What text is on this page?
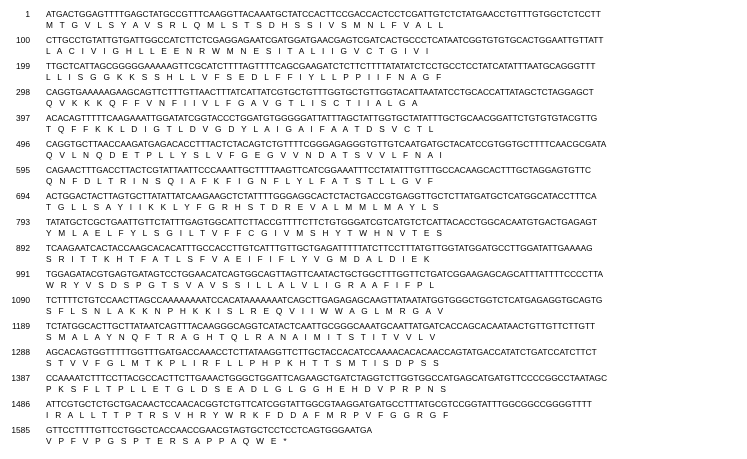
1 ATGACTGGAGTTTTGAGCTATGCCGTTTCAAGGTTACAAATGCTATCCACTTCCGACCACTCCTCGATTGTCTCTATGAACCTGTTTGTGGCTCTCCTT
M   T   G   V   L   S   Y   A   V   S   R   L   Q   M   L   S   T   S   D   H   S   S   I   V   S   M   N   L   F   V   A   L   L
100 CTTGCCTGTATTGTGATTGGCCATCTTCTCGAGGAGAATCGATGGATGAACGAGTCGATCACTGCCCTCATAATCGGTGTGTGCACTGGAATTGTTATT
L   A   C   I   V   I   G   H   L   L   E   E   N   R   W   M   N   E   S   I   T   A   L   I   I   G   V   C   T   G   I   V   I
199 TTGCTCATTAGCGGGGGAAAAAGTTCGCATCTTTTAGTTTTCAGCGAAGATCTCTTCTTTTATATATCTCCTGCCTCCTATCATATTTAATGCAGGGTTT
L   L   I   S   G   G   K   K   S   S   H   L   L   V   F   S   E   D   L   F   F   I   Y   L   L   P   P   I   I   F   N   A   G   F
298 CAGGTGAAAAAGAAGCAGTTCTTTGTTAACTTTATCATTATCGTGCTGTTTGGTGCTGTTGGTACATTAATATCCTGCACCATTATAGCTCTAGGAGCT
Q   V   K   K   K   Q   F   F   V   N   F   I   I   V   L   F   G   A   V   G   T   L   I   S   C   T   I   I   A   L   G   A
397 ACACAGTTTTTCAAGAAATTGGATATCGGTACCCTGGATGTGGGGGATTATTTAGCTATTGGTGCTATATTTGCTGCAACGGATTCTGTGTGTACGTTG
T   Q   F   F   K   K   L   D   I   G   T   L   D   V   G   D   Y   L   A   I   G   A   I   F   A   A   T   D   S   V   C   T   L
496 CAGGTGCTTAACCAAGATGAGACACCTTTACTCTACAGTCTGTTTTCGGGAGAGGGTGTTGTCAATGATGCTACATCCGTGGTGCTTTTCAACGCGATA
Q   V   L   N   Q   D   E   T   P   L   L   Y   S   L   V   F   G   E   G   V   V   N   D   A   T   S   V   V   L   F   N   A   I
595 CAGAACTTTGACCTTACTCGTATTAATTCCCAAATTGCTTTTAAGTTCATCGGAAATTTCCTATATTTGTTTGCCACAAGCACTTTGCTAGGAGTGTTC
Q   N   F   D   L   T   R   I   N   S   Q   I   A   F   K   F   I   G   N   F   L   Y   L   F   A   T   S   T   L   L   G   V   F
694 ACTGGACTACTTAGTGCTTATATTATCAAGAAGCTCTATTTTGGGAGGCACTCTACTGACCGTGAGGTTGCTCTTATGATGCTCATGGCATACCTTTCA
T   G   L   L   S   A   Y   I   I   K   K   L   Y   F   G   R   H   S   T   D   R   E   V   A   L   M   M   L   M   A   Y   L   S
793 TATATGCTCGCTGAATTGTTCTATTTGAGTGGCATTCTTACCGTTTTCTTCTGTGGGATCGTCATGTCTCATTACACCTGGCACAATGTGACTGAGAGT
Y   M   L   A   E   L   F   Y   L   S   G   I   L   T   V   F   F   C   G   I   V   M   S   H   Y   T   W   H   N   V   T   E   S
892 TCAAGAATCACTACCAAGCACACATTTGCCACCTTGTCATTTGTTGCTGAGATTTTTATCTTCCTTTATGTTGGTATGGATGCCTTGGATATTGAAAAG
S   R   I   T   T   K   H   T   F   A   T   L   S   F   V   A   E   I   F   I   F   L   Y   V   G   M   D   A   L   D   I   E   K
991 TGGAGATACGTGAGTGATAGTCCTGGAACATCAGTGGCAGTTAGTTCAATACTGCTGGCTTTGGTTCTGATCGGAAGAGCAGCATTTATTTTCCCCTTA
W   R   Y   V   S   D   S   P   G   T   S   V   A   V   S   S   I   L   L   A   L   V   L   I   G   R   A   A   F   I   F   P   L
1090 TCTTTTCTGTCCAACTTAGCCAAAAAAAATCCACATAAAAAAATCAGCTTGAGAGAGCAAGTTATAATATGGTGGGCTGGTCTCATGAGAGGTGCAGTG
S   F   L   S   N   L   A   K   K   N   P   H   K   K   I   S   L   R   E   Q   V   I   I   W   W   A   G   L   M   R   G   A   V
1189 TCTATGGCACTTGCTTATAATCAGTTTACAAGGGCAGGTCATACTCAATTGCGGGCAAATGCAATTATGATCACCAGCACAATAACTGTTGTTCTTGTT
S   M   A   L   A   Y   N   Q   F   T   R   A   G   H   T   Q   L   R   A   N   A   I   M   I   T   S   T   I   T   V   V   L   V
1288 AGCACAGTGGTTTTTGGTTTGATGACCAAACCTCTTATAAGGTTCTTGCTACCACATCCAAAACACACAACCAGTATGACCATATCTGATCCATCTTCT
S   T   V   V   F   G   L   M   T   K   P   L   I   R   F   L   L   P   H   P   K   H   T   T   S   M   T   I   S   D   P   S   S
1387 CCAAAATCTTTCCTTACGCCACTTCTTGAAACTGGGCTGGATTCAGAAGCTGATCTAGGTCTTGGTGGCCATGAGCATGATGTTCCCCGGCCTAATAGC
P   K   S   F   L   T   P   L   L   E   T   G   L   D   S   E   A   D   L   G   L   G   G   H   E   H   D   V   P   R   P   N   S
1486 ATTCGTGCTCTGCTGACAACTCCAACACGGTCTGTTCATCGGTATTGGCGTAAGGATGATGCCTTTATGCGTCCGGTATTTGGCGGCCGGGGTTTT
I   R   A   L   L   T   T   P   T   R   S   V   H   R   Y   W   R   K   F   D   D   A   F   M   R   P   V   F   G   G   R   G   F
1585 GTTCCTTTTGTTCCTGGCTCACCAACCGAACGTAGTGCTCCTCCTCAGTGGGAATGA
V   P   F   V   P   G   S   P   T   E   R   S   A   P   P   A   Q   W   E   *
